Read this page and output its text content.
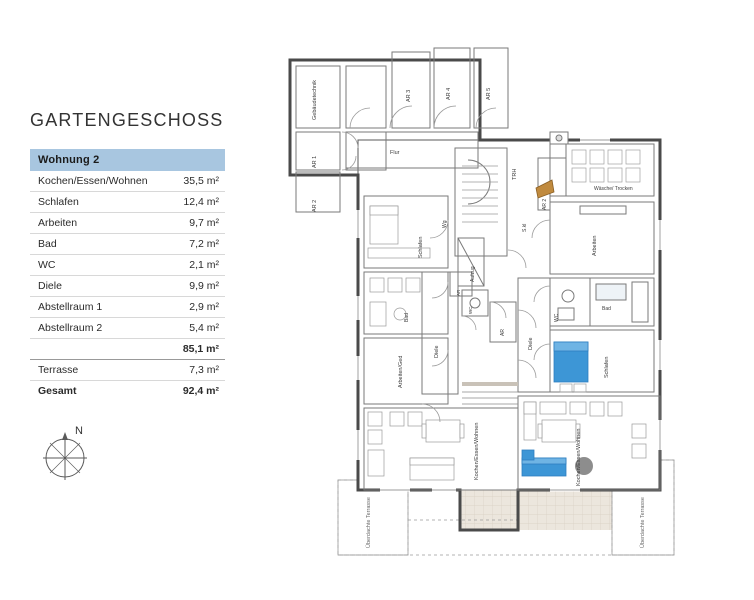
GARTENGESCHOSS
Wohnung 2
Kochen/Essen/Wohnen	35,5 m²
Schlafen	12,4 m²
Arbeiten	9,7 m²
Bad	7,2 m²
WC	2,1 m²
Diele	9,9 m²
Abstellraum 1	2,9 m²
Abstellraum 2	5,4 m²
	85,1 m²
Terrasse	7,3 m²
Gesamt	92,4 m²
N
Gebäudetechnik
AR 1
AR 2
AR 3	AR 4	AR 5
Flur
TRH
Aufzug
Wg	S.kl
Wäsche/ Trocken
AR 2
Arbeiten
Bad
WC
Schlafen
Diele
AR
WC
Kochen/Essen/Wohnen
Schlafen
Bad
Diele
AR
Arbeiten/Ged
Kochen/Essen/Wohnen
Überdachte Terrasse	Überdachte Terrasse
